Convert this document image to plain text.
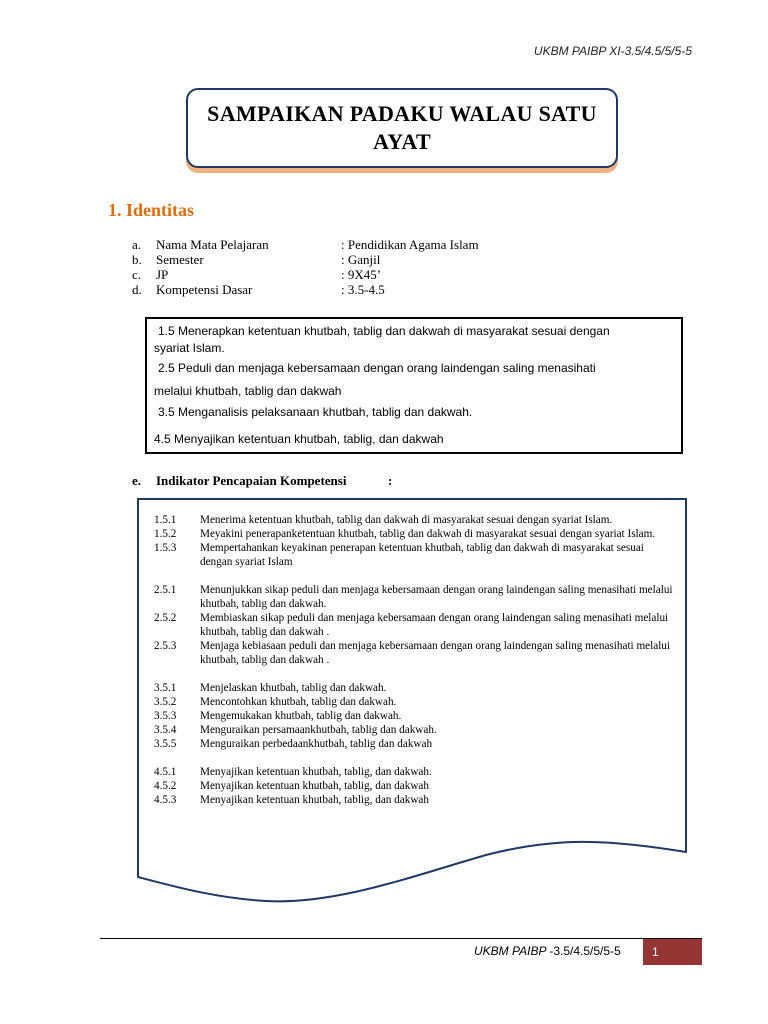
UKBM PAIBP XI-3.5/4.5/5/5-5
SAMPAIKAN PADAKU WALAU SATU
AYAT
1. Identitas
a.	Nama Mata Pelajaran	: Pendidikan Agama Islam
b.	Semester	: Ganjil
c.	JP	: 9X45’
d.	Kompetensi Dasar	: 3.5-4.5
1.5 Menerapkan ketentuan khutbah, tablig dan dakwah di masyarakat sesuai dengan
syariat Islam.
2.5 Peduli dan menjaga kebersamaan dengan orang laindengan saling menasihati
melalui khutbah, tablig dan dakwah
3.5 Menganalisis pelaksanaan khutbah, tablig dan dakwah.
4.5 Menyajikan ketentuan khutbah, tablig, dan dakwah
e.	Indikator Pencapaian Kompetensi	:
1.5.1	Menerima ketentuan khutbah, tablig dan dakwah di masyarakat sesuai dengan syariat Islam.
1.5.2	Meyakini penerapanketentuan khutbah, tablig dan dakwah di masyarakat sesuai dengan syariat Islam.
1.5.3	Mempertahankan keyakinan penerapan ketentuan khutbah, tablig dan dakwah di masyarakat sesuai dengan syariat Islam
2.5.1	Menunjukkan sikap peduli dan menjaga kebersamaan dengan orang laindengan saling menasihati melalui khutbah, tablig dan dakwah.
2.5.2	Membiaskan sikap peduli dan menjaga kebersamaan dengan orang laindengan saling menasihati melalui khutbah, tablig dan dakwah .
2.5.3	Menjaga kebiasaan peduli dan menjaga kebersamaan dengan orang laindengan saling menasihati melalui khutbah, tablig dan dakwah .
3.5.1	Menjelaskan khutbah, tablig dan dakwah.
3.5.2	Mencontohkan khutbah, tablig dan dakwah.
3.5.3	Mengemukakan khutbah, tablig dan dakwah.
3.5.4	Menguraikan persamaankhutbah, tablig dan dakwah.
3.5.5	Menguraikan perbedaankhutbah, tablig dan dakwah
4.5.1	Menyajikan ketentuan khutbah, tablig, dan dakwah.
4.5.2	Menyajikan ketentuan khutbah, tablig, dan dakwah
4.5.3	Menyajikan ketentuan khutbah, tablig, dan dakwah
UKBM PAIBP -3.5/4.5/5/5-5	1
